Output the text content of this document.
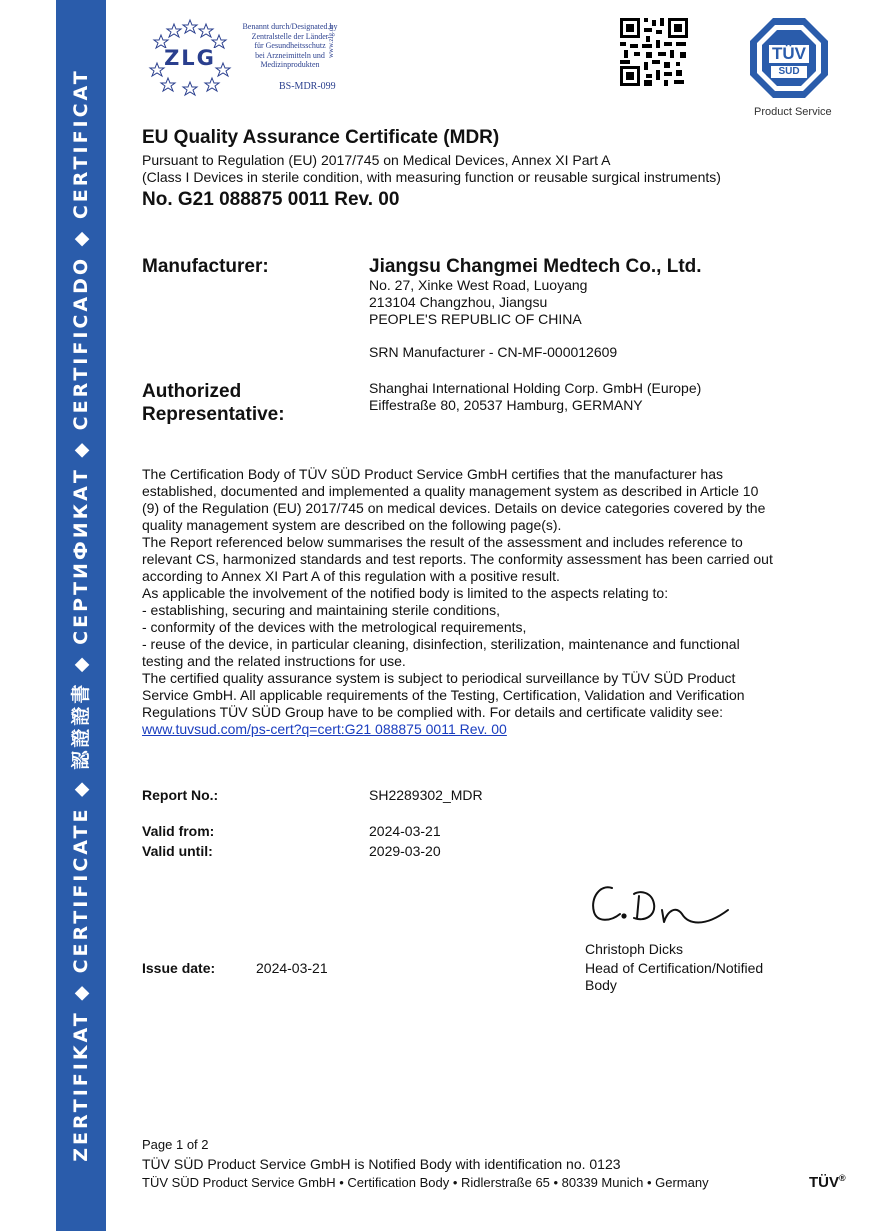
ZERTIFIKAT ◆ CERTIFICATE ◆ 認證證書 ◆ СЕРТИФИКАТ ◆ CERTIFICADO ◆ CERTIFICAT
ZLG
Benannt durch/Designated by
Zentralstelle der Länder
für Gesundheitsschutz
bei Arzneimitteln und
Medizinprodukten
www.zlg.de
BS-MDR-099
TÜV
SÜD
Product Service
EU Quality Assurance Certificate (MDR)
Pursuant to Regulation (EU) 2017/745 on Medical Devices, Annex XI Part A
(Class I Devices in sterile condition, with measuring function or reusable surgical instruments)
No. G21 088875 0011 Rev. 00
Manufacturer:	Jiangsu Changmei Medtech Co., Ltd.
No. 27, Xinke West Road, Luoyang
213104 Changzhou, Jiangsu
PEOPLE'S REPUBLIC OF CHINA
SRN Manufacturer - CN-MF-000012609
Authorized
Representative:
Shanghai International Holding Corp. GmbH (Europe)
Eiffestraße 80, 20537 Hamburg, GERMANY
The Certification Body of TÜV SÜD Product Service GmbH certifies that the manufacturer has
established, documented and implemented a quality management system as described in Article 10
(9) of the Regulation (EU) 2017/745 on medical devices. Details on device categories covered by the
quality management system are described on the following page(s).
The Report referenced below summarises the result of the assessment and includes reference to
relevant CS, harmonized standards and test reports. The conformity assessment has been carried out
according to Annex XI Part A of this regulation with a positive result.
As applicable the involvement of the notified body is limited to the aspects relating to:
- establishing, securing and maintaining sterile conditions,
- conformity of the devices with the metrological requirements,
- reuse of the device, in particular cleaning, disinfection, sterilization, maintenance and functional
testing and the related instructions for use.
The certified quality assurance system is subject to periodical surveillance by TÜV SÜD Product
Service GmbH. All applicable requirements of the Testing, Certification, Validation and Verification
Regulations TÜV SÜD Group have to be complied with. For details and certificate validity see:
www.tuvsud.com/ps-cert?q=cert:G21 088875 0011 Rev. 00
Report No.:	SH2289302_MDR
Valid from:	2024-03-21
Valid until:	2029-03-20
Christoph Dicks
Head of Certification/Notified
Body
Issue date:	2024-03-21
Page 1 of 2
TÜV SÜD Product Service GmbH is Notified Body with identification no. 0123
TÜV SÜD Product Service GmbH • Certification Body • Ridlerstraße 65 • 80339 Munich • Germany	TÜV®
